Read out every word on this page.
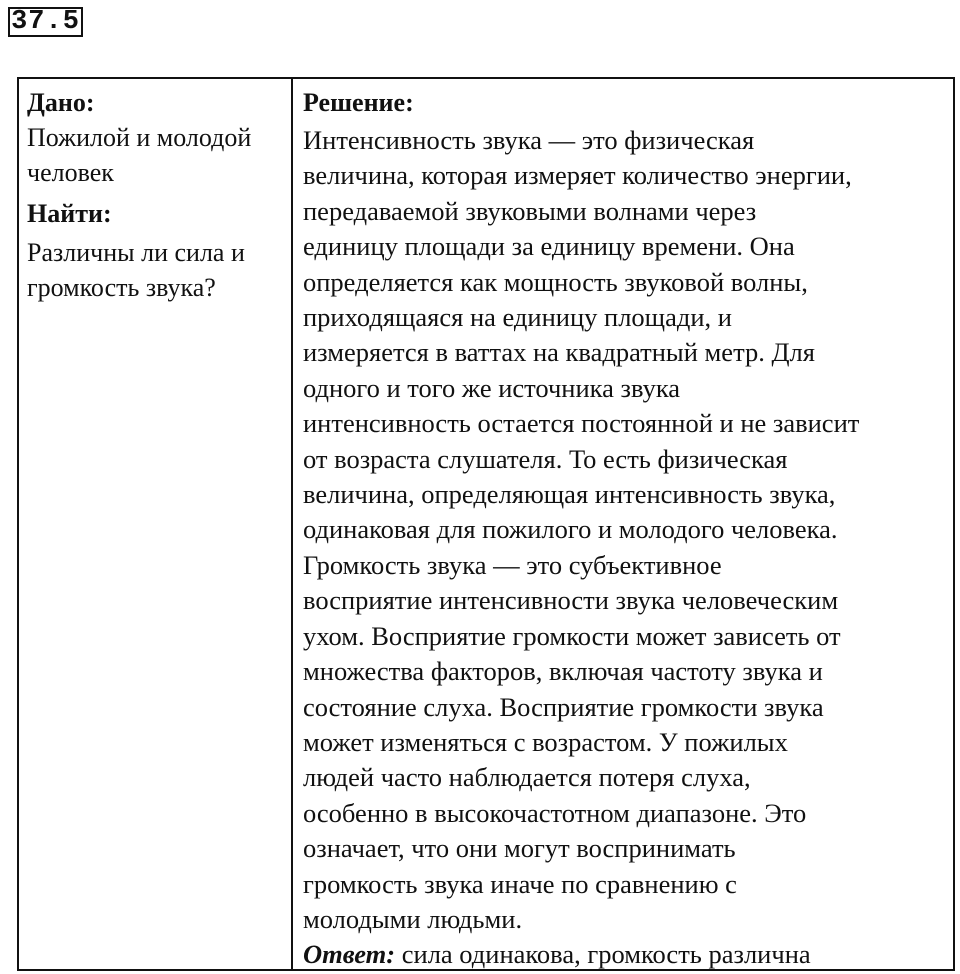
37.5

Дано:

Пожилой и молодой человек

Найти:

Различны ли сила и громкость звука?

Решение:

Интенсивность звука — это физическая
величина, которая измеряет количество энергии,
передаваемой звуковыми волнами через
единицу площади за единицу времени. Она
определяется как мощность звуковой волны,
приходящаяся на единицу площади, и
измеряется в ваттах на квадратный метр. Для
одного и того же источника звука
интенсивность остается постоянной и не зависит
от возраста слушателя. То есть физическая
величина, определяющая интенсивность звука,
одинаковая для пожилого и молодого человека.
Громкость звука — это субъективное
восприятие интенсивности звука человеческим
ухом. Восприятие громкости может зависеть от
множества факторов, включая частоту звука и
состояние слуха. Восприятие громкости звука
может изменяться с возрастом. У пожилых
людей часто наблюдается потеря слуха,
особенно в высокочастотном диапазоне. Это
означает, что они могут воспринимать
громкость звука иначе по сравнению с
молодыми людьми.

Ответ: сила одинакова, громкость различна
